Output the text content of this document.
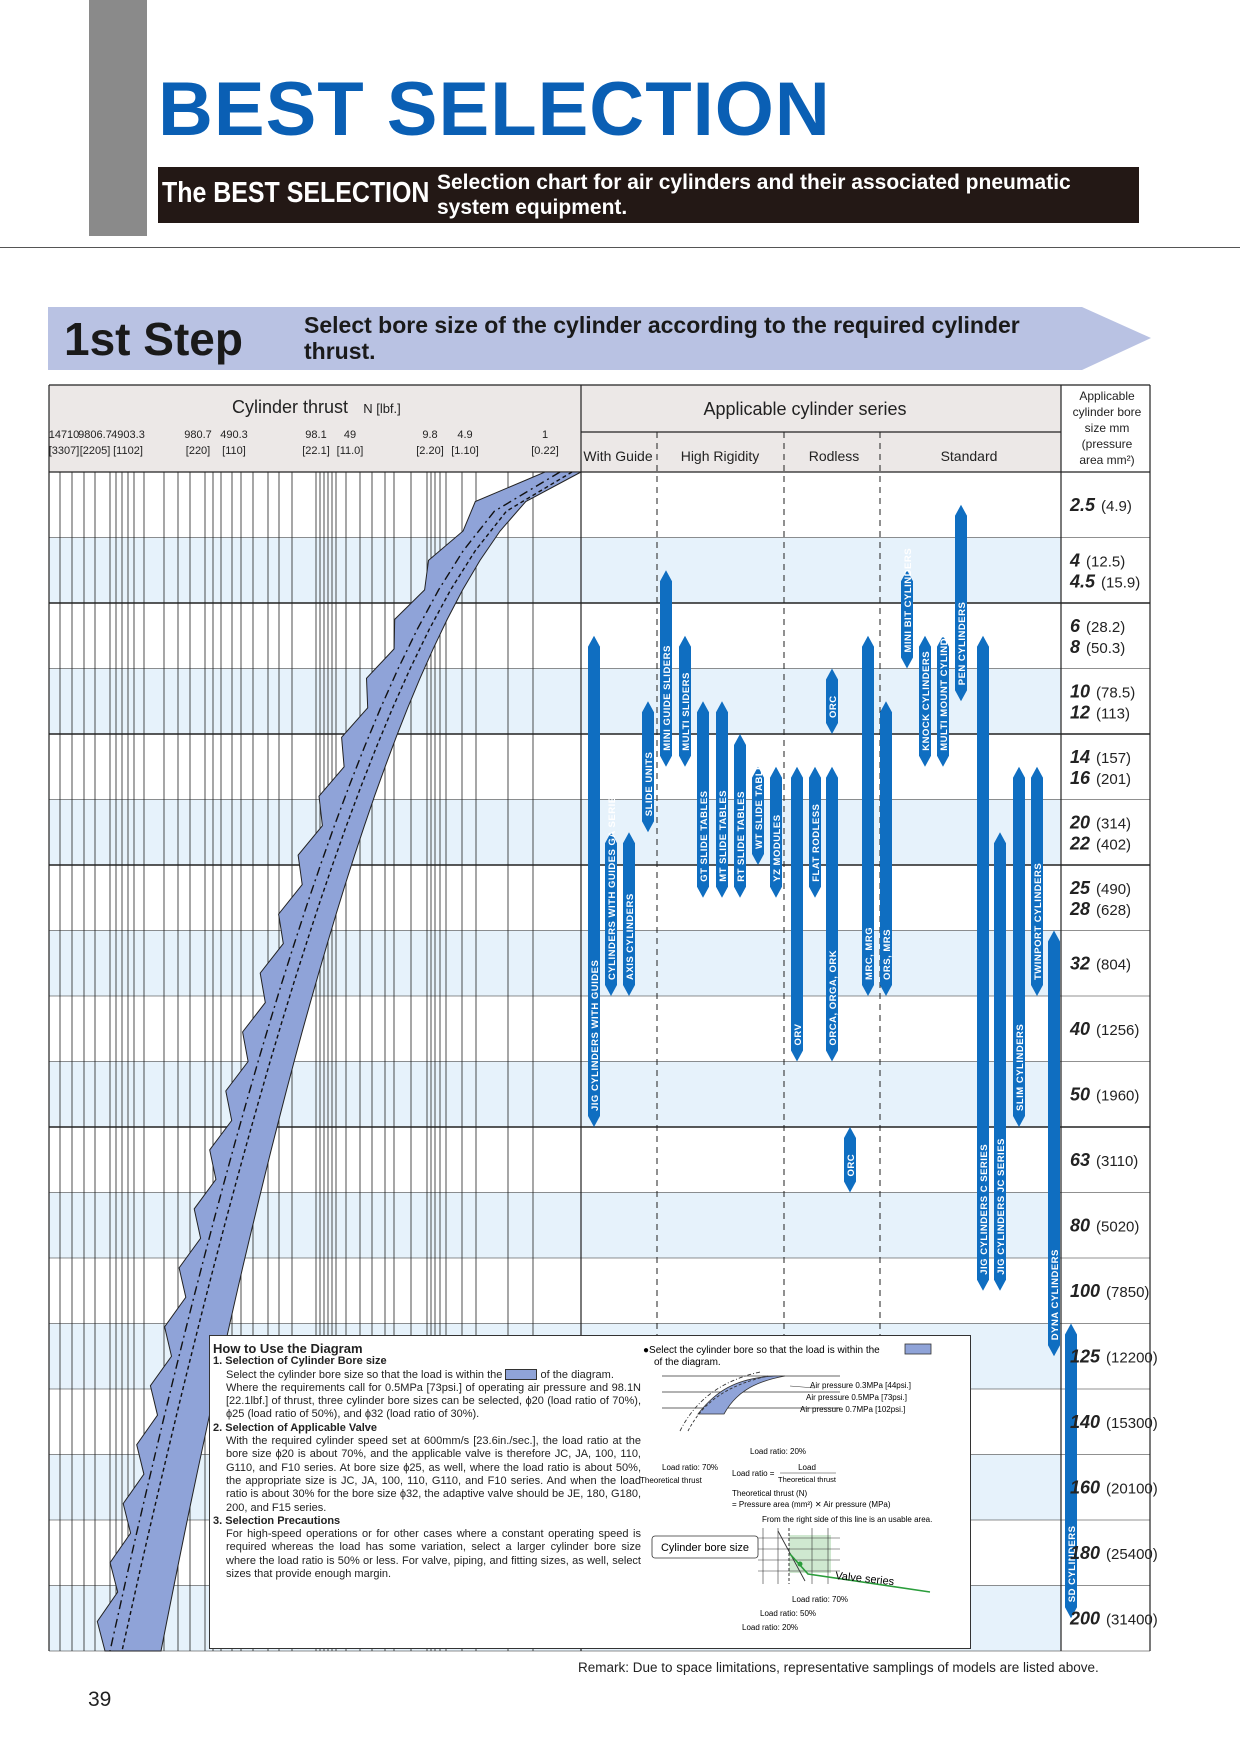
BEST SELECTION
The BEST SELECTION Selection chart for air cylinders and their associated pneumatic system equipment.
1st Step	Select bore size of the cylinder according to the required cylinder thrust.
JIG CYLINDERS WITH GUIDES
CYLINDERS WITH GUIDES GA SERIES AXIS CYLINDERS
SLIDE UNITS
MINI GUIDE SLIDERS MULTI SLIDERS
GT SLIDE TABLES MT SLIDE TABLES RT SLIDE TABLES WT SLIDE TABLES YZ MODULES
ORV
FLAT RODLESS
ORC
ORCA, ORGA, ORK
ORC
MRC, MRG ORS, MRS
MINI BIT CYLINDERS
KNOCK CYLINDERS MULTI MOUNT CYLINDERS PEN CYLINDERS
JIG CYLINDERS C SERIES JIG CYLINDERS JC SERIES
SLIM CYLINDERS
TWINPORT CYLINDERS
DYNA CYLINDERS
SD CYLINDERS
Cylinder thrust N [lbf.]
14710
[3307]
9806.7
[2205]
4903.3
[1102]
980.7
[220]
490.3
[110]
98.1
[22.1]
49
[11.0]
9.8
[2.20]
4.9
[1.10]
1
[0.22]
Applicable cylinder series
With Guide High Rigidity	Rodless	Standard
Applicable
cylinder bore
size mm
(pressure
area mm²)
2.5 (4.9)
4 (12.5)
4.5 (15.9)
6 (28.2)
8 (50.3)
10 (78.5)
12 (113)
14 (157)
16 (201)
20 (314)
22 (402)
25 (490)
28 (628)
32 (804)
40 (1256)
50 (1960)
63 (3110)
80 (5020)
100 (7850)
125 (12200)
140 (15300)
160 (20100)
180 (25400)
200 (31400)
How to Use the Diagram
1. Selection of Cylinder Bore size
Select the cylinder bore size so that the load is within the	of the diagram.
Where the requirements call for 0.5MPa [73psi.] of operating air pressure and 98.1N [22.1lbf.] of thrust, three cylinder bore sizes can be selected, ϕ20 (load ratio of 70%), ϕ25 (load ratio of 50%), and ϕ32 (load ratio of 30%).
2. Selection of Applicable Valve
With the required cylinder speed set at 600mm/s [23.6in./sec.], the load ratio at the bore size ϕ20 is about 70%, and the applicable valve is therefore JC, JA, 100, 110, G110, and F10 series. At bore size ϕ25, as well, where the load ratio is about 50%, the appropriate size is JC, JA, 100, 110, G110, and F10 series. And when the load ratio is about 30% for the bore size ϕ32, the adaptive valve should be JE, 180, G180, 200, and F15 series.
3. Selection Precautions
For high-speed operations or for other cases where a constant operating speed is required whereas the load has some variation, select a larger cylinder bore size where the load ratio is 50% or less. For valve, piping, and fitting sizes, as well, select sizes that provide enough margin.
●Select the cylinder bore so that the load is within the
of the diagram.
Air pressure 0.3MPa [44psi.]
Air pressure 0.5MPa [73psi.]
Air pressure 0.7MPa [102psi.]
Load ratio: 20%
Load ratio: 70%
Theoretical thrust
Load ratio =
Load
Theoretical thrust
Theoretical thrust (N)
= Pressure area (mm²) ✕ Air pressure (MPa)
From the right side of this line is an usable area.
Cylinder bore size
Valve series
Load ratio: 70%
Load ratio: 50%
Load ratio: 20%
Remark: Due to space limitations, representative samplings of models are listed above.
39
